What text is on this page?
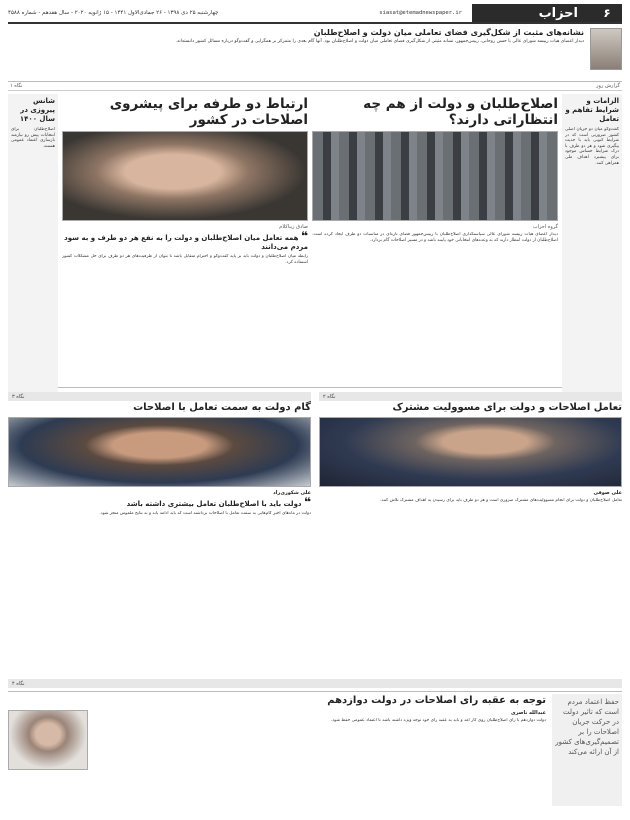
۶
احزاب
siasat@etemadnewspaper.ir
چهارشنبه ۲۵ دی ۱۳۹۸ - ۲۶ جمادی‌الاول ۱۴۴۱ - ۱۵ ژانویه ۲۰۲۰ - سال هفدهم - شماره ۴۵۸۸
نشانه‌های مثبت از شکل‌گیری فضای تعاملی میان دولت و اصلاح‌طلبان
دیدار اعضای هیات رییسه شورای عالی با حسن روحانی، رییس‌جمهور، نشانه مثبتی از شکل‌گیری فضای تعاملی میان دولت و اصلاح‌طلبان بود. آنها گام بعدی را متمرکز بر همگرایی و گفت‌وگو درباره مسائل کشور دانسته‌اند.
گزارش روز
نگاه ۱
الزامات و شرایط تفاهم و تعامل
گفت‌وگو میان دو جریان اصلی کشور ضرورتی است که در شرایط کنونی باید با جدیت پیگیری شود و هر دو طرف با درک شرایط حساس موجود برای پیشبرد اهداف ملی همراهی کنند.
اصلاح‌طلبان و دولت از هم چه انتظاراتی دارند؟
گروه احزاب
دیدار اعضای هیات رییسه شورای عالی سیاستگذاری اصلاح‌طلبان با رییس‌جمهور فضای تازه‌ای در مناسبات دو طرف ایجاد کرده است. اصلاح‌طلبان از دولت انتظار دارند که به وعده‌های انتخاباتی خود پایبند باشد و در مسیر اصلاحات گام بردارد.
ارتباط دو طرفه برای پیشروی اصلاحات در کشور
صادق زیباکلام
❝ همه تعامل میان اصلاح‌طلبان و دولت را به نفع هر دو طرف و به سود مردم می‌دانند
رابطه میان اصلاح‌طلبان و دولت باید بر پایه گفت‌وگو و احترام متقابل باشد تا بتوان از ظرفیت‌های هر دو طرف برای حل مشکلات کشور استفاده کرد.
شانس پیروزی در سال ۱۴۰۰
اصلاح‌طلبان برای انتخابات پیش رو نیازمند بازسازی اعتماد عمومی هستند.
نگاه ۲
تعامل اصلاحات و دولت برای مسوولیت مشترک
علی صوفی
تعامل اصلاح‌طلبان و دولت برای انجام مسوولیت‌های مشترک ضروری است و هر دو طرف باید برای رسیدن به اهداف مشترک تلاش کنند.
نگاه ۳
گام دولت به سمت تعامل با اصلاحات
علی شکوری‌راد
❝ دولت باید با اصلاح‌طلبان تعامل بیشتری داشته باشد
دولت در ماه‌های اخیر گام‌هایی به سمت تعامل با اصلاحات برداشته است که باید ادامه یابد و به نتایج ملموس منجر شود.
نگاه ۴
حفظ اعتماد مردم است که تاثیر دولت در حرکت جریان اصلاحات را بر تصمیم‌گیری‌های کشور از آن ارائه می‌کند
توجه به عقبه رای اصلاحات در دولت دوازدهم
عبدالله ناصری
دولت دوازدهم با رای اصلاح‌طلبان روی کار آمد و باید به عقبه رای خود توجه ویژه داشته باشد تا اعتماد عمومی حفظ شود.
